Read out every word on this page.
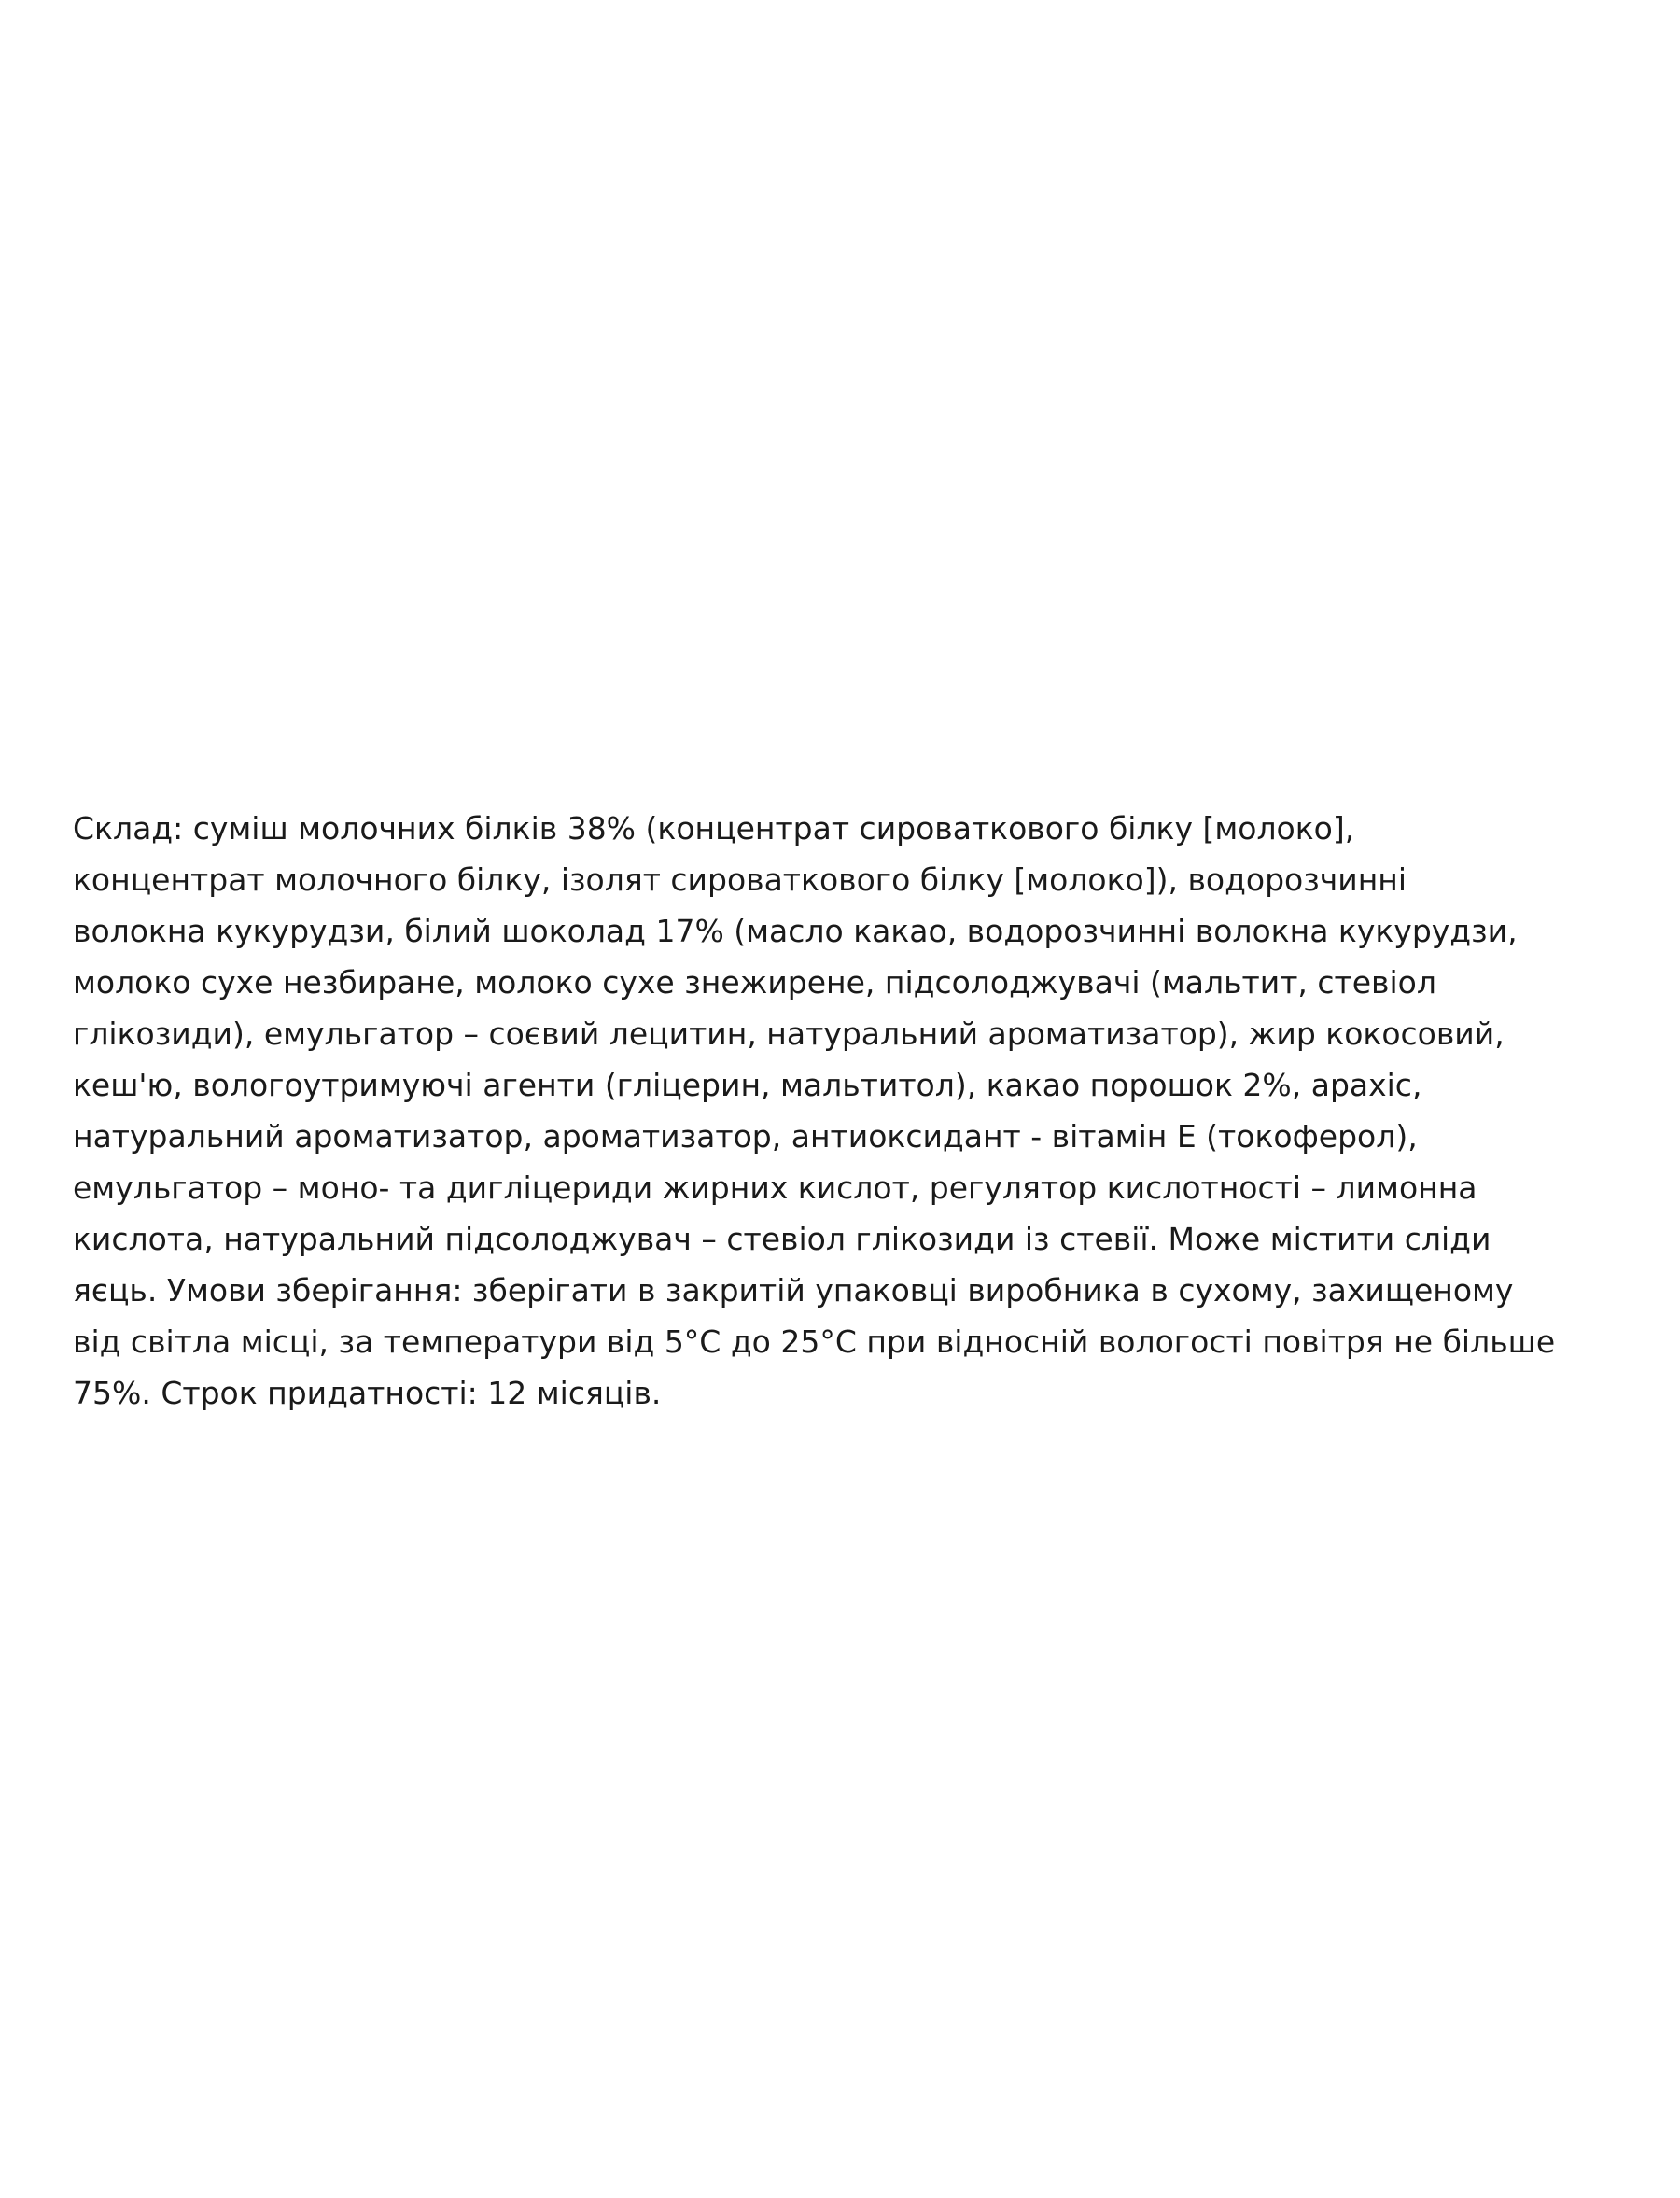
Склад: суміш молочних білків 38% (концентрат сироваткового білку [молоко],
концентрат молочного білку, ізолят сироваткового білку [молоко]), водорозчинні
волокна кукурудзи, білий шоколад 17% (масло какао, водорозчинні волокна кукурудзи,
молоко сухе незбиране, молоко сухе знежирене, підсолоджувачі (мальтит, стевіол
глікозиди), емульгатор – соєвий лецитин, натуральний ароматизатор), жир кокосовий,
кеш'ю, вологоутримуючі агенти (гліцерин, мальтитол), какао порошок 2%, арахіс,
натуральний ароматизатор, ароматизатор, антиоксидант - вітамін Е (токоферол),
емульгатор – моно- та дигліцериди жирних кислот, регулятор кислотності – лимонна
кислота, натуральний підсолоджувач – стевіол глікозиди із стевії. Може містити сліди
яєць. Умови зберігання: зберігати в закритій упаковці виробника в сухому, захищеному
від світла місці, за температури від 5°С до 25°С при відносній вологості повітря не більше
75%. Строк придатності: 12 місяців.
